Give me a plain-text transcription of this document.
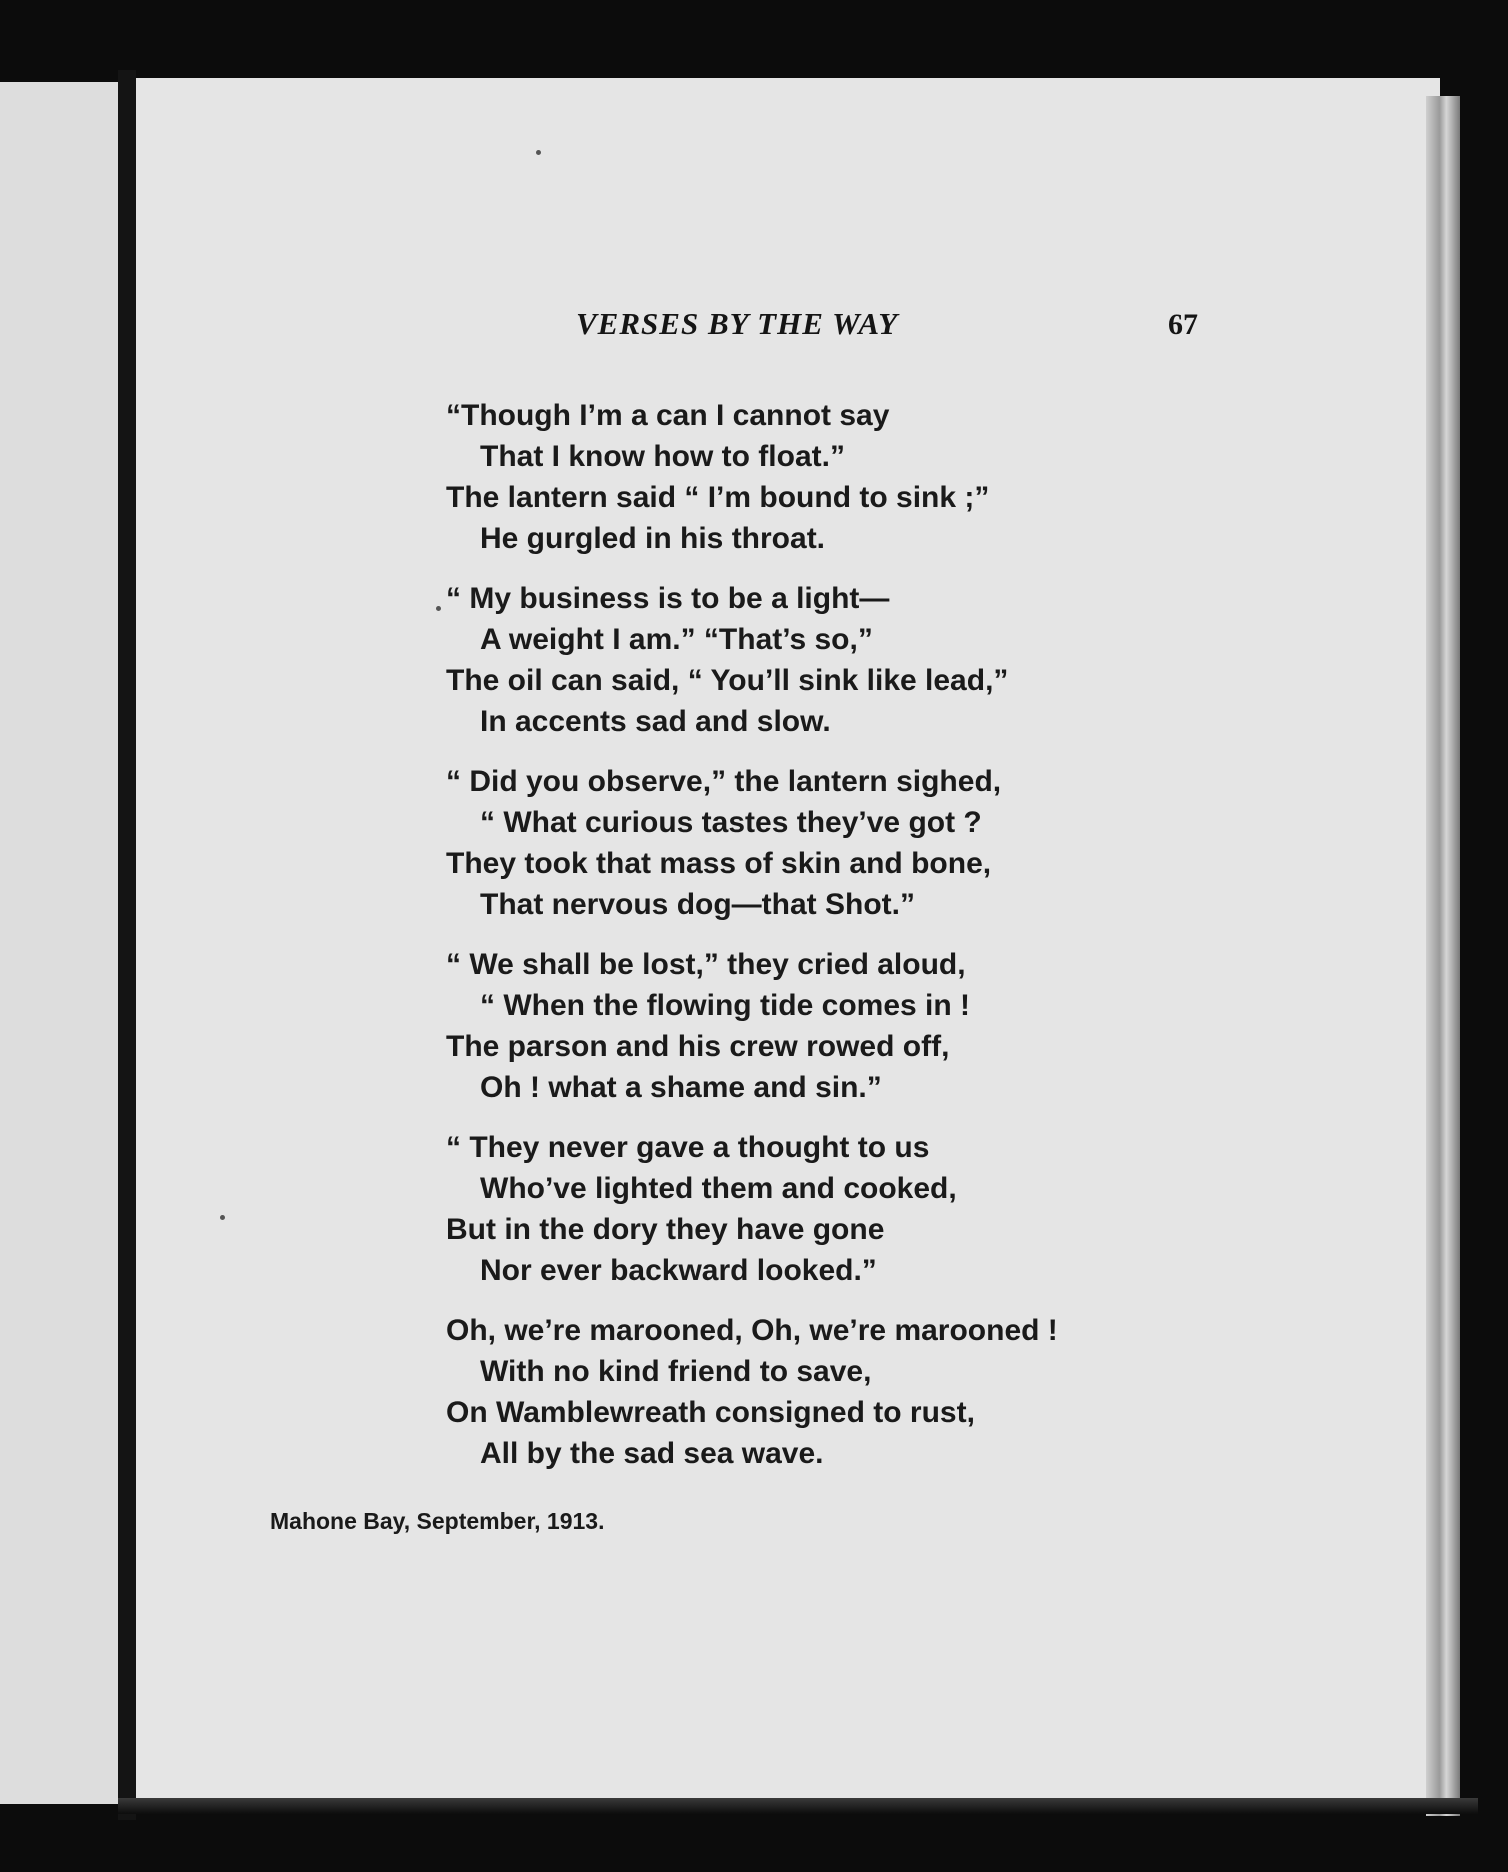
VERSES BY THE WAY	67
“Though I’m a can I cannot say
That I know how to float.”
The lantern said “ I’m bound to sink ;”
He gurgled in his throat.
“ My business is to be a light—
A weight I am.” “That’s so,”
The oil can said, “ You’ll sink like lead,”
In accents sad and slow.
“ Did you observe,” the lantern sighed,
“ What curious tastes they’ve got ?
They took that mass of skin and bone,
That nervous dog—that Shot.”
“ We shall be lost,” they cried aloud,
“ When the flowing tide comes in !
The parson and his crew rowed off,
Oh ! what a shame and sin.”
“ They never gave a thought to us
Who’ve lighted them and cooked,
But in the dory they have gone
Nor ever backward looked.”
Oh, we’re marooned, Oh, we’re marooned !
With no kind friend to save,
On Wamblewreath consigned to rust,
All by the sad sea wave.
Mahone Bay, September, 1913.
